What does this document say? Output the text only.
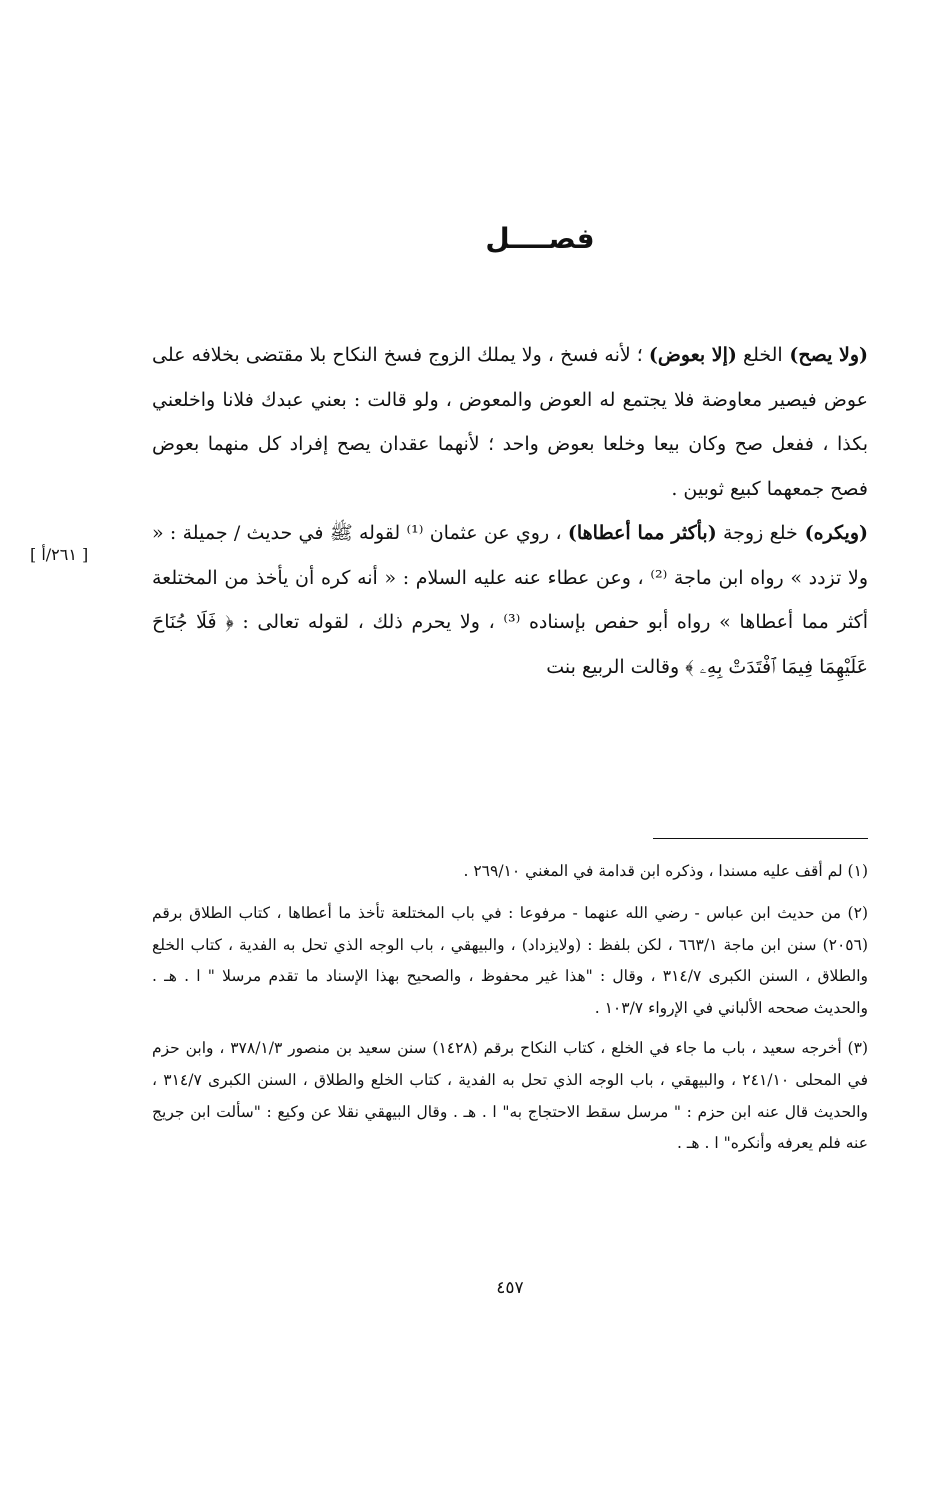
فصــــل

(ولا يصح) الخلع (إلا بعوض) ؛ لأنه فسخ ، ولا يملك الزوج فسخ النكاح بلا مقتضى بخلافه على عوض فيصير معاوضة فلا يجتمع له العوض والمعوض ، ولو قالت : بعني عبدك فلانا واخلعني بكذا ، ففعل صح وكان بيعا وخلعا بعوض واحد ؛ لأنهما عقدان يصح إفراد كل منهما بعوض فصح جمعهما كبيع ثوبين .

(ويكره) خلع زوجة (بأكثر مما أعطاها) ، روي عن عثمان ⁽¹⁾ لقوله ﷺ في حديث / جميلة : « ولا تزدد » رواه ابن ماجة ⁽²⁾ ، وعن عطاء عنه عليه السلام : « أنه كره أن يأخذ من المختلعة أكثر مما أعطاها » رواه أبو حفص بإسناده ⁽³⁾ ، ولا يحرم ذلك ، لقوله تعالى : ﴿ فَلَا جُنَاحَ عَلَيْهِمَا فِيمَا ٱفْتَدَتْ بِهِۦ ﴾ وقالت الربيع بنت

[ ٢٦١/أ ]

(١) لم أقف عليه مسندا ، وذكره ابن قدامة في المغني ٢٦٩/١٠ .

(٢) من حديث ابن عباس - رضي الله عنهما - مرفوعا : في باب المختلعة تأخذ ما أعطاها ، كتاب الطلاق برقم (٢٠٥٦) سنن ابن ماجة ٦٦٣/١ ، لكن بلفظ : (ولايزداد) ، والبيهقي ، باب الوجه الذي تحل به الفدية ، كتاب الخلع والطلاق ، السنن الكبرى ٣١٤/٧ ، وقال : "هذا غير محفوظ ، والصحيح بهذا الإسناد ما تقدم مرسلا " ا . هـ . والحديث صححه الألباني في الإرواء ١٠٣/٧ .

(٣) أخرجه سعيد ، باب ما جاء في الخلع ، كتاب النكاح برقم (١٤٢٨) سنن سعيد بن منصور ٣٧٨/١/٣ ، وابن حزم في المحلى ٢٤١/١٠ ، والبيهقي ، باب الوجه الذي تحل به الفدية ، كتاب الخلع والطلاق ، السنن الكبرى ٣١٤/٧ ، والحديث قال عنه ابن حزم : " مرسل سقط الاحتجاج به" ا . هـ . وقال البيهقي نقلا عن وكيع : "سألت ابن جريج عنه فلم يعرفه وأنكره" ا . هـ .

٤٥٧
